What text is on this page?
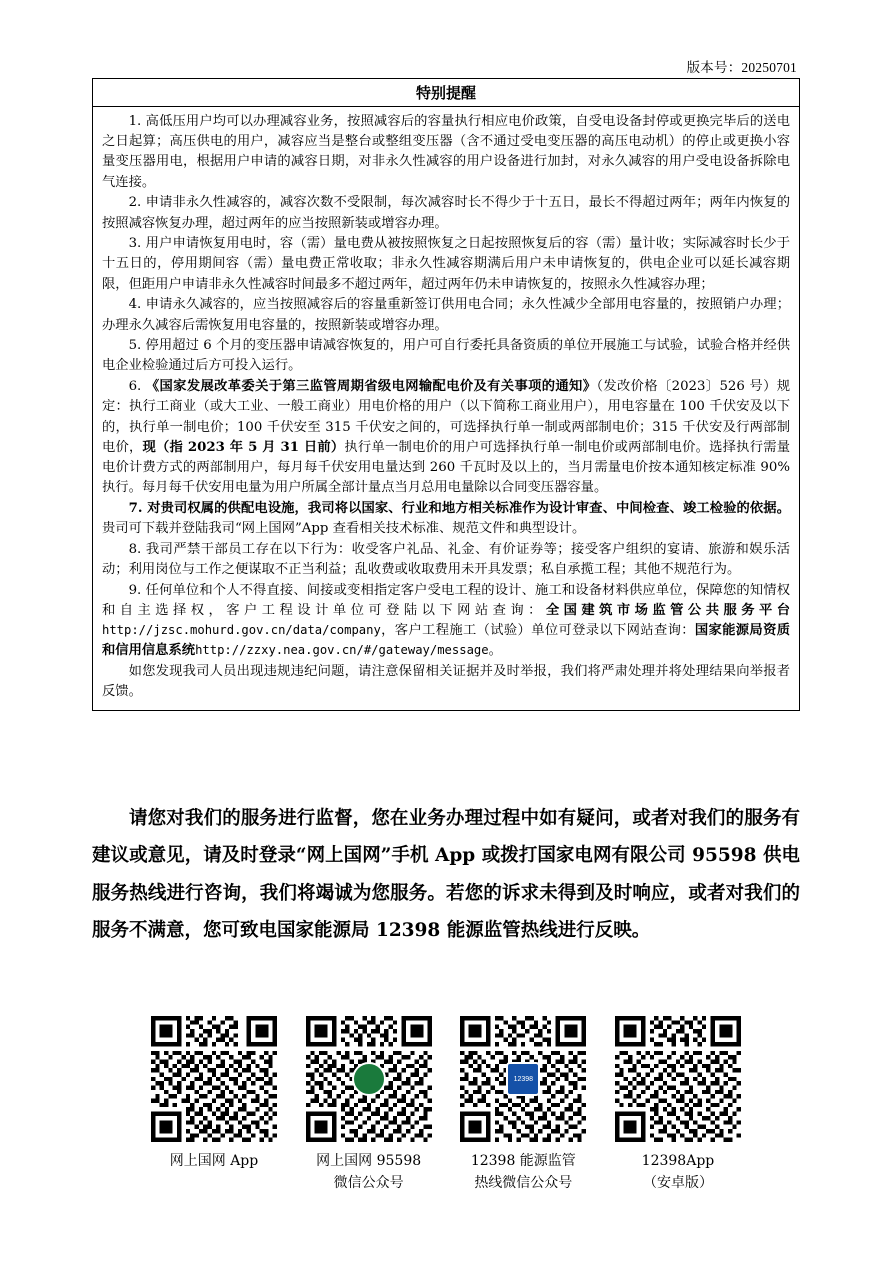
版本号：20250701
特别提醒

1. 高低压用户均可以办理减容业务，按照减容后的容量执行相应电价政策，自受电设备封停或更换完毕后的送电之日起算；高压供电的用户，减容应当是整台或整组变压器（含不通过受电变压器的高压电动机）的停止或更换小容量变压器用电，根据用户申请的减容日期，对非永久性减容的用户设备进行加封，对永久减容的用户受电设备拆除电气连接。

2. 申请非永久性减容的，减容次数不受限制，每次减容时长不得少于十五日，最长不得超过两年；两年内恢复的按照减容恢复办理，超过两年的应当按照新装或增容办理。

3. 用户申请恢复用电时，容（需）量电费从被按照恢复之日起按照恢复后的容（需）量计收；实际减容时长少于十五日的，停用期间容（需）量电费正常收取；非永久性减容期满后用户未申请恢复的，供电企业可以延长减容期限，但距用户申请非永久性减容时间最多不超过两年，超过两年仍未申请恢复的，按照永久性减容办理；

4. 申请永久减容的，应当按照减容后的容量重新签订供用电合同；永久性减少全部用电容量的，按照销户办理；办理永久减容后需恢复用电容量的，按照新装或增容办理。

5. 停用超过 6 个月的变压器申请减容恢复的，用户可自行委托具备资质的单位开展施工与试验，试验合格并经供电企业检验通过后方可投入运行。

6. 《国家发展改革委关于第三监管周期省级电网输配电价及有关事项的通知》（发改价格〔2023〕526 号）规定：执行工商业（或大工业、一般工商业）用电价格的用户（以下简称工商业用户），用电容量在 100 千伏安及以下的，执行单一制电价；100 千伏安至 315 千伏安之间的，可选择执行单一制或两部制电价；315 千伏安及行两部制电价，现（指 2023 年 5 月 31 日前）执行单一制电价的用户可选择执行单一制电价或两部制电价。选择执行需量电价计费方式的两部制用户，每月每千伏安用电量达到 260 千瓦时及以上的，当月需量电价按本通知核定标准 90%执行。每月每千伏安用电量为用户所属全部计量点当月总用电量除以合同变压器容量。

7. 对贵司权属的供配电设施，我司将以国家、行业和地方相关标准作为设计审查、中间检查、竣工检验的依据。贵司可下载并登陆我司“网上国网”App 查看相关技术标准、规范文件和典型设计。

8. 我司严禁干部员工存在以下行为：收受客户礼品、礼金、有价证券等；接受客户组织的宴请、旅游和娱乐活动；利用岗位与工作之便谋取不正当利益；乱收费或收取费用未开具发票；私自承揽工程；其他不规范行为。

9. 任何单位和个人不得直接、间接或变相指定客户受电工程的设计、施工和设备材料供应单位，保障您的知情权和自主选择权，客户工程设计单位可登陆以下网站查询：全国建筑市场监管公共服务平台http://jzsc.mohurd.gov.cn/data/company，客户工程施工（试验）单位可登录以下网站查询：国家能源局资质和信用信息系统http://zzxy.nea.gov.cn/#/gateway/message。

如您发现我司人员出现违规违纪问题，请注意保留相关证据并及时举报，我们将严肃处理并将处理结果向举报者反馈。

请您对我们的服务进行监督，您在业务办理过程中如有疑问，或者对我们的服务有建议或意见，请及时登录“网上国网”手机 App 或拨打国家电网有限公司 95598 供电服务热线进行咨询，我们将竭诚为您服务。若您的诉求未得到及时响应，或者对我们的服务不满意，您可致电国家能源局 12398 能源监管热线进行反映。

网上国网 App	网上国网 95598
微信公众号
12398
12398 能源监管
热线微信公众号
12398App
（安卓版）
